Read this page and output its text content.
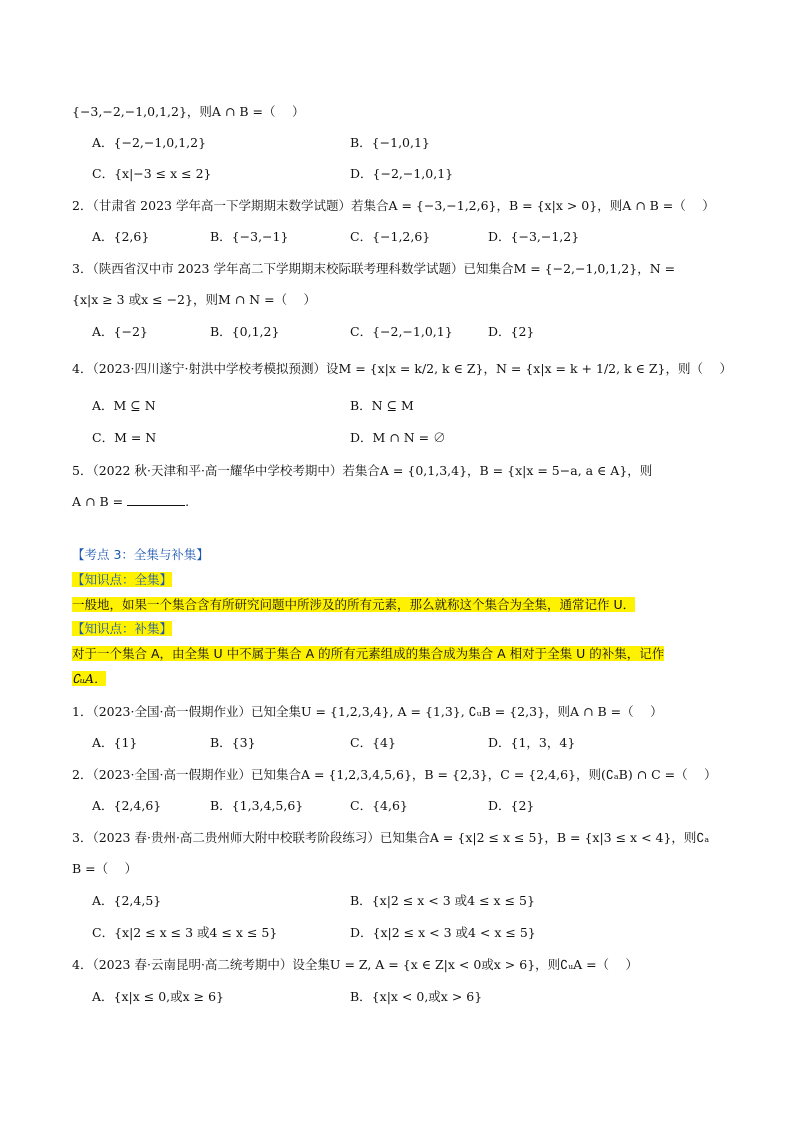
{−3,−2,−1,0,1,2}，则A ∩ B =（　 ）
A．{−2,−1,0,1,2}	B．{−1,0,1}
C．{x|−3 ≤ x ≤ 2}	D．{−2,−1,0,1}
2．（甘肃省 2023 学年高一下学期期末数学试题）若集合A = {−3,−1,2,6}，B = {x|x > 0}，则A ∩ B =（　 ）
A．{2,6}	B．{−3,−1}	C．{−1,2,6}	D．{−3,−1,2}
3．（陕西省汉中市 2023 学年高二下学期期末校际联考理科数学试题）已知集合M = {−2,−1,0,1,2}，N =
{x|x ≥ 3 或x ≤ −2}，则M ∩ N =（　 ）
A．{−2}	B．{0,1,2}	C．{−2,−1,0,1}	D．{2}
4．（2023·四川遂宁·射洪中学校考模拟预测）设M = {x|x = k/2, k ∈ Z}，N = {x|x = k + 1/2, k ∈ Z}，则（　 ）
A．M ⊆ N	B．N ⊆ M
C．M = N	D．M ∩ N = ∅
5．（2022 秋·天津和平·高一耀华中学校考期中）若集合A = {0,1,3,4}，B = {x|x = 5−a, a ∈ A}，则
A ∩ B =	.
【考点 3：全集与补集】
【知识点：全集】
一般地，如果一个集合含有所研究问题中所涉及的所有元素，那么就称这个集合为全集，通常记作 U．
【知识点：补集】
对于一个集合 A，由全集 U 中不属于集合 A 的所有元素组成的集合成为集合 A 相对于全集 U 的补集，记作
∁ᵤA．
1．（2023·全国·高一假期作业）已知全集U = {1,2,3,4}, A = {1,3}, ∁ᵤB = {2,3}，则A ∩ B =（　 ）
A．{1}	B．{3}	C．{4}	D．{1，3，4}
2．（2023·全国·高一假期作业）已知集合A = {1,2,3,4,5,6}，B = {2,3}，C = {2,4,6}，则(∁ₐB) ∩ C =（　 ）
A．{2,4,6}	B．{1,3,4,5,6}	C．{4,6}	D．{2}
3．（2023 春·贵州·高二贵州师大附中校联考阶段练习）已知集合A = {x|2 ≤ x ≤ 5}，B = {x|3 ≤ x < 4}，则∁ₐ
B =（　 ）
A．{2,4,5}	B．{x|2 ≤ x < 3 或4 ≤ x ≤ 5}
C．{x|2 ≤ x ≤ 3 或4 ≤ x ≤ 5}	D．{x|2 ≤ x < 3 或4 < x ≤ 5}
4．（2023 春·云南昆明·高二统考期中）设全集U = Z, A = {x ∈ Z|x < 0或x > 6}，则∁ᵤA =（　 ）
A．{x|x ≤ 0,或x ≥ 6}	B．{x|x < 0,或x > 6}
